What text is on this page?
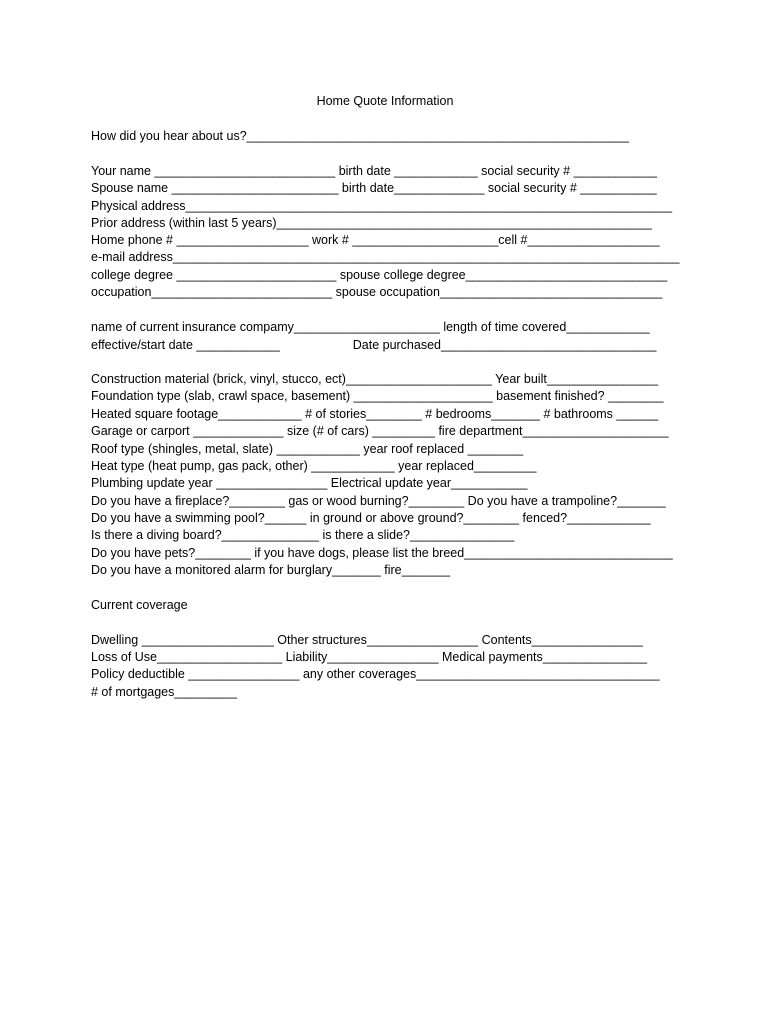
Home Quote Information
How did you hear about us?_______________________________________________________
Your name __________________________ birth date ____________ social security # ____________
Spouse name ________________________ birth date_____________ social security # ___________
Physical address______________________________________________________________________
Prior address (within last 5 years)______________________________________________________
Home phone # ___________________ work # _____________________cell #___________________
e-mail address_________________________________________________________________________
college degree _______________________ spouse college degree_____________________________
occupation__________________________ spouse occupation________________________________
name of current insurance compamy_____________________ length of time covered____________
effective/start date ____________                     Date purchased_______________________________
Construction material (brick, vinyl, stucco, ect)_____________________ Year built________________
Foundation type (slab, crawl space, basement) ____________________ basement finished? ________
Heated square footage____________ # of stories________ # bedrooms_______ # bathrooms ______
Garage or carport _____________ size (# of cars) _________ fire department_____________________
Roof type (shingles, metal, slate) ____________ year roof replaced ________
Heat type (heat pump, gas pack, other) ____________ year replaced_________
Plumbing update year ________________ Electrical update year___________
Do you have a fireplace?________ gas or wood burning?________ Do you have a trampoline?_______
Do you have a swimming pool?______ in ground or above ground?________ fenced?____________
Is there a diving board?______________ is there a slide?_______________
Do you have pets?________ if you have dogs, please list the breed______________________________
Do you have a monitored alarm for burglary_______ fire_______
Current coverage
Dwelling ___________________ Other structures________________ Contents________________
Loss of Use__________________ Liability________________ Medical payments_______________
Policy deductible ________________ any other coverages___________________________________
# of mortgages_________
